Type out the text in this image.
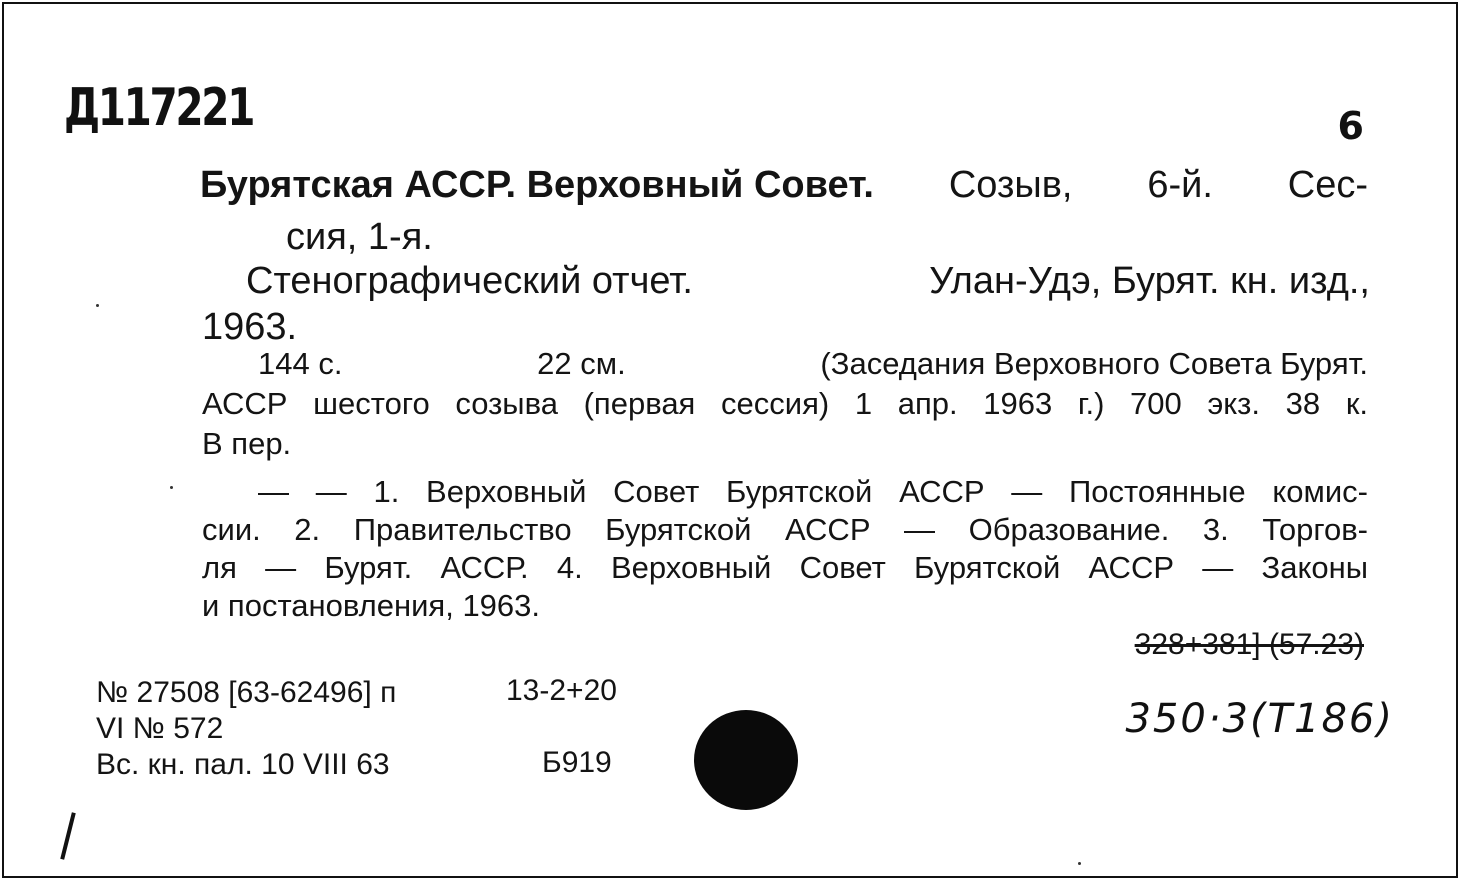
Д117221	6
Бурятская АССР. Верховный Совет. Созыв, 6-й. Сес-
сия, 1-я.
Стенографический отчет.	Улан-Удэ, Бурят. кн. изд.,
1963.
144 с.	22 см.	(Заседания Верховного Совета Бурят.
АССР шестого созыва (первая сессия) 1 апр. 1963 г.) 700 экз. 38 к.
В пер.
— — 1. Верховный Совет Бурятской АССР — Постоянные комис-
сии. 2. Правительство Бурятской АССР — Образование. 3. Торгов-
ля — Бурят. АССР. 4. Верховный Совет Бурятской АССР — Законы
и постановления, 1963.
328+381] (57.23)
350·3(Т186)
№ 27508 [63-62496] п	13-2+20
VI № 572
Вс. кн. пал. 10 VIII 63	Б919
